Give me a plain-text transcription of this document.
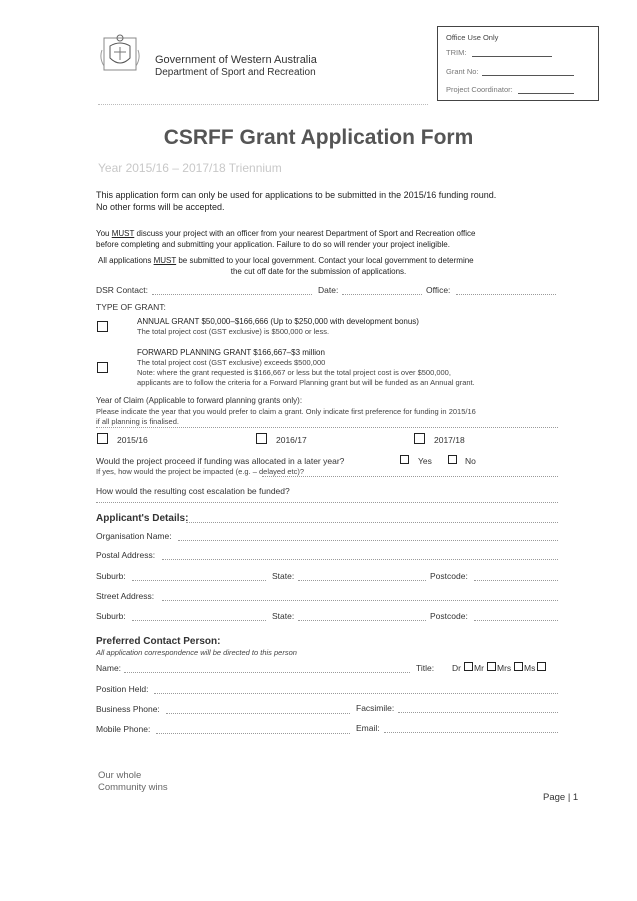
Government of Western Australia
Department of Sport and Recreation
Office Use Only
TRIM:
Grant No:
Project Coordinator:
CSRFF Grant Application Form
Year 2015/16 – 2017/18 Triennium
This application form can only be used for applications to be submitted in the 2015/16 funding round.
No other forms will be accepted.
You MUST discuss your project with an officer from your nearest Department of Sport and Recreation office
before completing and submitting your application. Failure to do so will render your project ineligible.
All applications MUST be submitted to your local government. Contact your local government to determine
the cut off date for the submission of applications.
DSR Contact:	Date:	Office:
TYPE OF GRANT:
ANNUAL GRANT $50,000–$166,666 (Up to $250,000 with development bonus)
The total project cost (GST exclusive) is $500,000 or less.
FORWARD PLANNING GRANT $166,667–$3 million
The total project cost (GST exclusive) exceeds $500,000
Note: where the grant requested is $166,667 or less but the total project cost is over $500,000,
applicants are to follow the criteria for a Forward Planning grant but will be funded as an Annual grant.
Year of Claim (Applicable to forward planning grants only):
Please indicate the year that you would prefer to claim a grant. Only indicate first preference for funding in 2015/16
if all planning is finalised.
2015/16	2016/17	2017/18
Would the project proceed if funding was allocated in a later year?	Yes	No
If yes, how would the project be impacted (e.g. – delayed etc)?
How would the resulting cost escalation be funded?
Applicant's Details:
Organisation Name:
Postal Address:
Suburb:	State:	Postcode:
Street Address:
Suburb:	State:	Postcode:
Preferred Contact Person:
All application correspondence will be directed to this person
Name:	Title: Dr Mr Mrs Ms
Position Held:
Business Phone:	Facsimile:
Mobile Phone:	Email:
Our whole
Community wins
Page | 1
